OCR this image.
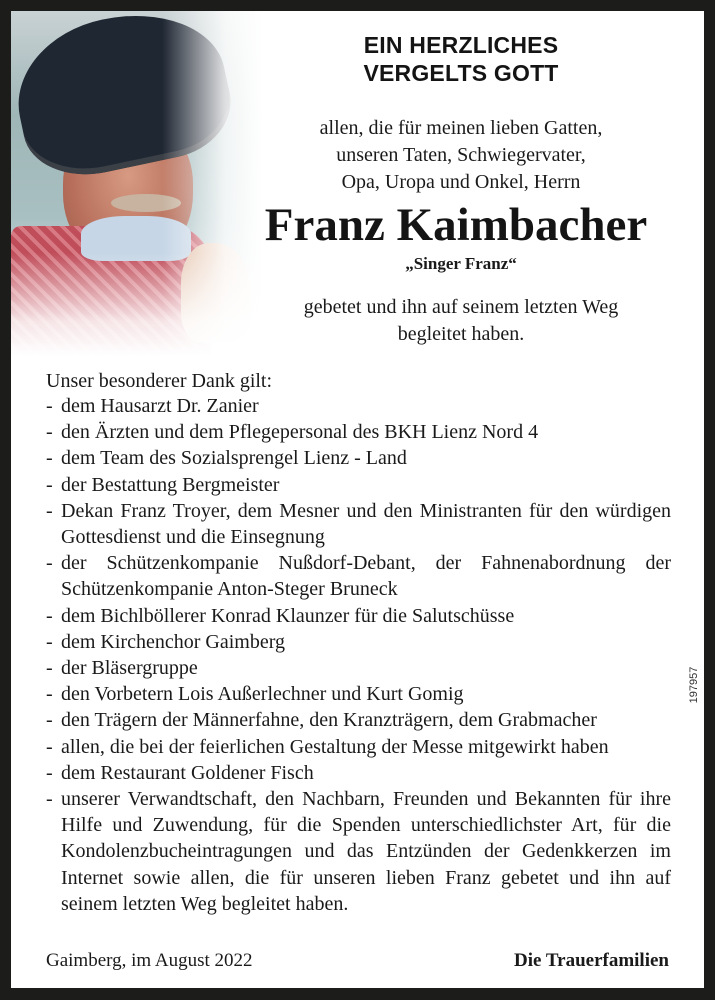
EIN HERZLICHES
VERGELTS GOTT
allen, die für meinen lieben Gatten,
unseren Taten, Schwiegervater,
Opa, Uropa und Onkel, Herrn
Franz Kaimbacher
„Singer Franz“
gebetet und ihn auf seinem letzten Weg
begleitet haben.
Unser besonderer Dank gilt:
- dem Hausarzt Dr. Zanier
- den Ärzten und dem Pflegepersonal des BKH Lienz Nord 4
- dem Team des Sozialsprengel Lienz - Land
- der Bestattung Bergmeister
- Dekan Franz Troyer, dem Mesner und den Ministranten für den würdigen Gottesdienst und die Einsegnung
- der Schützenkompanie Nußdorf-Debant, der Fahnenabordnung der Schützenkompanie Anton-Steger Bruneck
- dem Bichlböllerer Konrad Klaunzer für die Salutschüsse
- dem Kirchenchor Gaimberg
- der Bläsergruppe
- den Vorbetern Lois Außerlechner und Kurt Gomig
- den Trägern der Männerfahne, den Kranzträgern, dem Grabmacher
- allen, die bei der feierlichen Gestaltung der Messe mitgewirkt haben
- dem Restaurant Goldener Fisch
- unserer Verwandtschaft, den Nachbarn, Freunden und Bekannten für ihre Hilfe und Zuwendung, für die Spenden unterschiedlichster Art, für die Kondolenzbucheintragungen und das Entzünden der Gedenkkerzen im Internet sowie allen, die für unseren lieben Franz gebetet und ihn auf seinem letzten Weg begleitet haben.
Gaimberg, im August 2022	Die Trauerfamilien
197957
